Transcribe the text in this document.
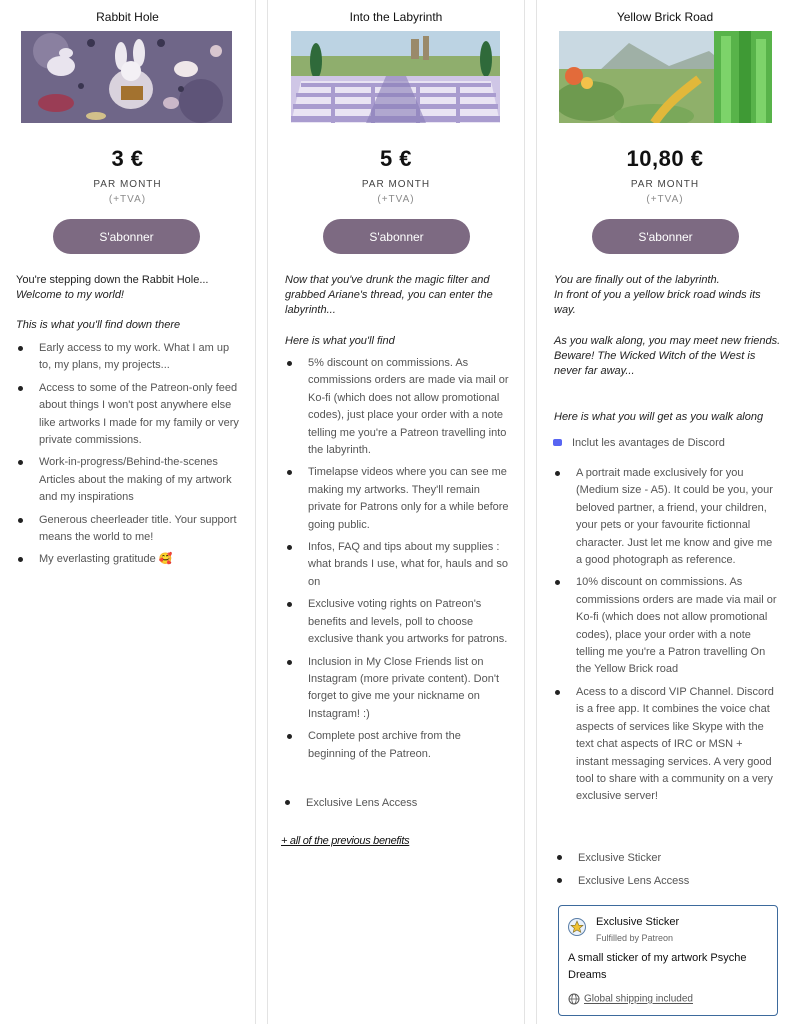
Rabbit Hole
3 €
PAR MONTH
(+TVA)
S'abonner
You're stepping down the Rabbit Hole...
Welcome to my world!
This is what you'll find down there
Early access to my work. What I am up to, my plans, my projects...
Access to some of the Patreon-only feed about things I won't post anywhere else like artworks I made for my family or very private commissions.
Work-in-progress/Behind-the-scenes Articles about the making of my artwork and my inspirations
Generous cheerleader title. Your support means the world to me!
My everlasting gratitude 🥰
Into the Labyrinth
5 €
PAR MONTH
(+TVA)
S'abonner
Now that you've drunk the magic filter and grabbed Ariane's thread, you can enter the labyrinth...
Here is what you'll find
5% discount on commissions. As commissions orders are made via mail or Ko-fi (which does not allow promotional codes), just place your order with a note telling me you're a Patreon travelling into the labyrinth.
Timelapse videos where you can see me making my artworks. They'll remain private for Patrons only for a while before going public.
Infos, FAQ and tips about my supplies : what brands I use, what for, hauls and so on
Exclusive voting rights on Patreon's benefits and levels, poll to choose exclusive thank you artworks for patrons.
Inclusion in My Close Friends list on Instagram (more private content). Don't forget to give me your nickname on Instagram! :)
Complete post archive from the beginning of the Patreon.
Exclusive Lens Access
+ all of the previous benefits
Yellow Brick Road
10,80 €
PAR MONTH
(+TVA)
S'abonner
You are finally out of the labyrinth.
In front of you a yellow brick road winds its way.
As you walk along, you may meet new friends.
Beware! The Wicked Witch of the West is never far away...
Here is what you will get as you walk along
Inclut les avantages de Discord
A portrait made exclusively for you (Medium size - A5). It could be you, your beloved partner, a friend, your children, your pets or your favourite fictionnal character. Just let me know and give me a good photograph as reference.
10% discount on commissions. As commissions orders are made via mail or Ko-fi (which does not allow promotional codes), place your order with a note telling me you're a Patron travelling On the Yellow Brick road
Acess to a discord VIP Channel. Discord is a free app. It combines the voice chat aspects of services like Skype with the text chat aspects of IRC or MSN + instant messaging services. A very good tool to share with a community on a very exclusive server!
Exclusive Sticker
Exclusive Lens Access
Exclusive Sticker
Fulfilled by Patreon
A small sticker of my artwork Psyche Dreams
Global shipping included
